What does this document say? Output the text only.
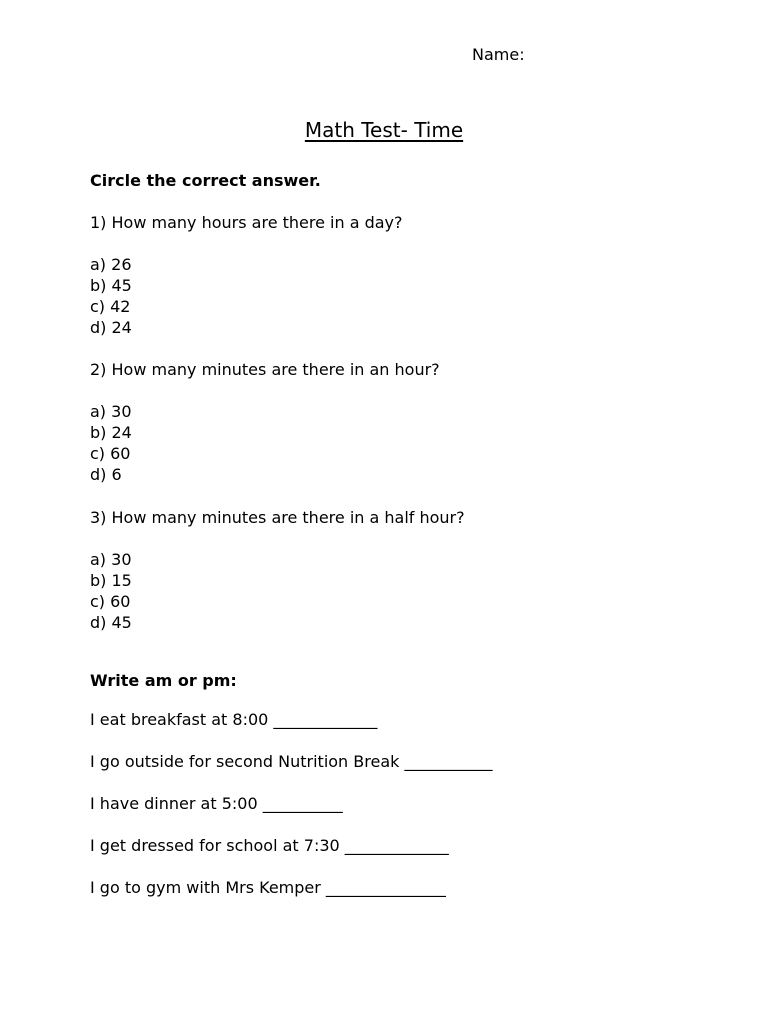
Name:
Math Test- Time
Circle the correct answer.
1) How many hours are there in a day?
a) 26
b) 45
c) 42
d) 24
2) How many minutes are there in an hour?
a) 30
b) 24
c) 60
d) 6
3) How many minutes are there in a half hour?
a) 30
b) 15
c) 60
d) 45
Write am or pm:
I eat breakfast at 8:00 _____________
I go outside for second Nutrition Break ___________
I have dinner at 5:00 __________
I get dressed for school at 7:30 _____________
I go to gym with Mrs Kemper _______________
